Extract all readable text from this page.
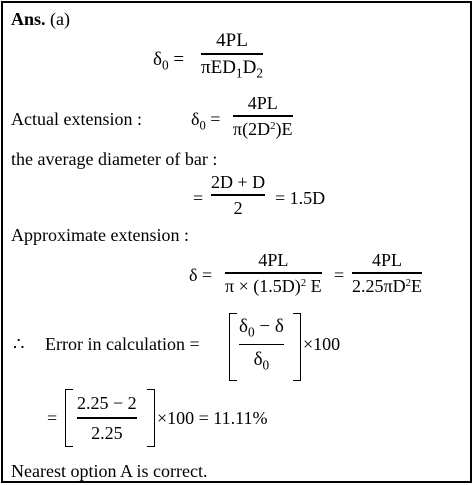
Ans. (a)
$\delta_0$ =
4PL
$\pi ED_1D_2$
Actual extension :	$\delta_0$ =
4PL
$\pi(2D^2)E$
the average diameter of bar :
=
2D + D
2 = 1.5D
Approximate extension :
δ =
4PL
$\pi \times (1.5D)^2$ E
=
4PL
$2.25\pi D^2E$
∴ Error in calculation =
$\delta_0 - \delta$
$\delta_0$
×100
=
2.25 − 2
2.25
×100 = 11.11%
Nearest option A is correct.
